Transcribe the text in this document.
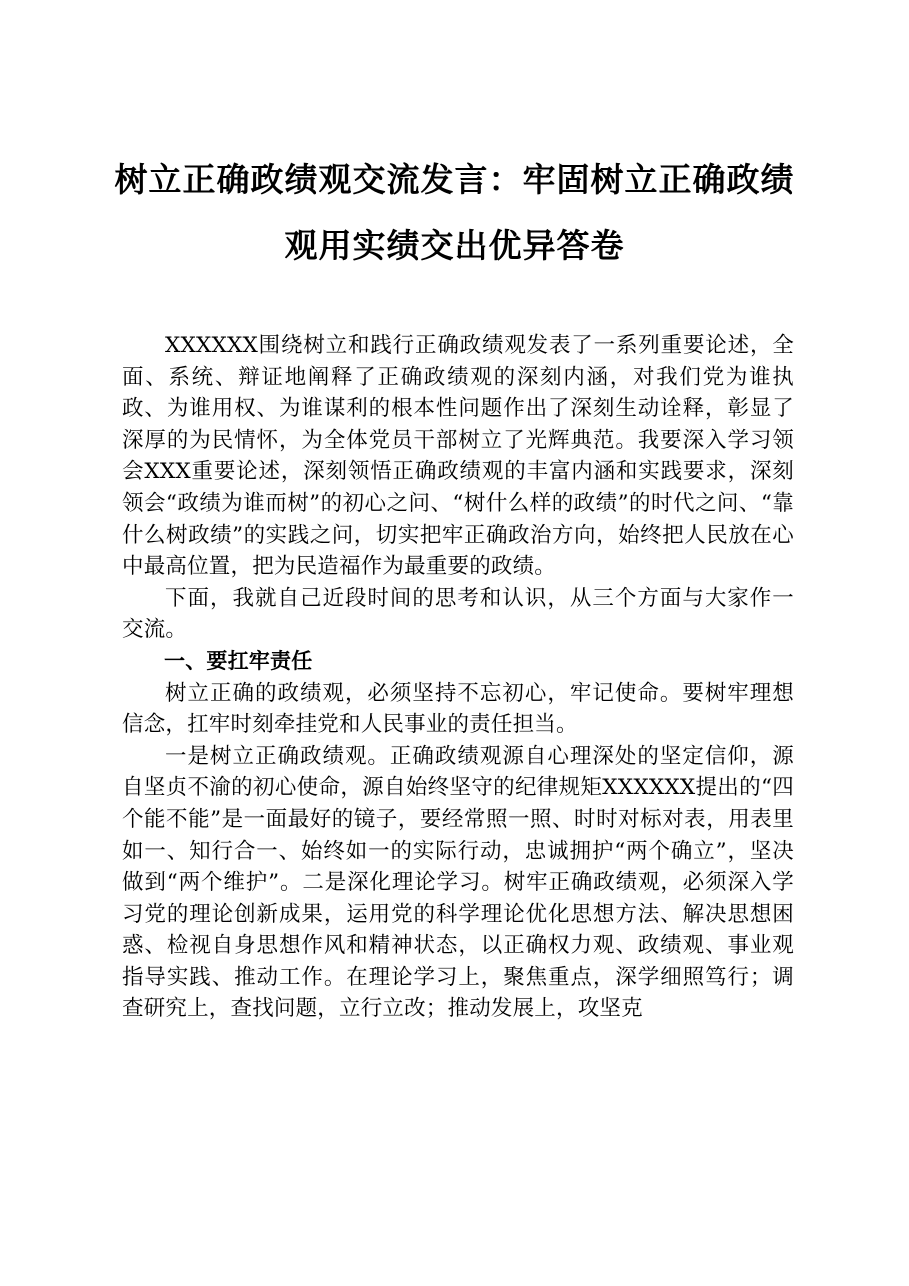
树立正确政绩观交流发言：牢固树立正确政绩
观用实绩交出优异答卷

XXXXXX围绕树立和践行正确政绩观发表了一系列重要论述，全面、系统、辩证地阐释了正确政绩观的深刻内涵，对我们党为谁执政、为谁用权、为谁谋利的根本性问题作出了深刻生动诠释，彰显了深厚的为民情怀，为全体党员干部树立了光辉典范。我要深入学习领会XXX重要论述，深刻领悟正确政绩观的丰富内涵和实践要求，深刻领会“政绩为谁而树”的初心之问、“树什么样的政绩”的时代之问、“靠什么树政绩”的实践之问，切实把牢正确政治方向，始终把人民放在心中最高位置，把为民造福作为最重要的政绩。

下面，我就自己近段时间的思考和认识，从三个方面与大家作一交流。

一、要扛牢责任

树立正确的政绩观，必须坚持不忘初心，牢记使命。要树牢理想信念，扛牢时刻牵挂党和人民事业的责任担当。

一是树立正确政绩观。正确政绩观源自心理深处的坚定信仰，源自坚贞不渝的初心使命，源自始终坚守的纪律规矩XXXXXX提出的“四个能不能”是一面最好的镜子，要经常照一照、时时对标对表，用表里如一、知行合一、始终如一的实际行动，忠诚拥护“两个确立”，坚决做到“两个维护”。二是深化理论学习。树牢正确政绩观，必须深入学习党的理论创新成果，运用党的科学理论优化思想方法、解决思想困惑、检视自身思想作风和精神状态，以正确权力观、政绩观、事业观指导实践、推动工作。在理论学习上，聚焦重点，深学细照笃行；调查研究上，查找问题，立行立改；推动发展上，攻坚克
